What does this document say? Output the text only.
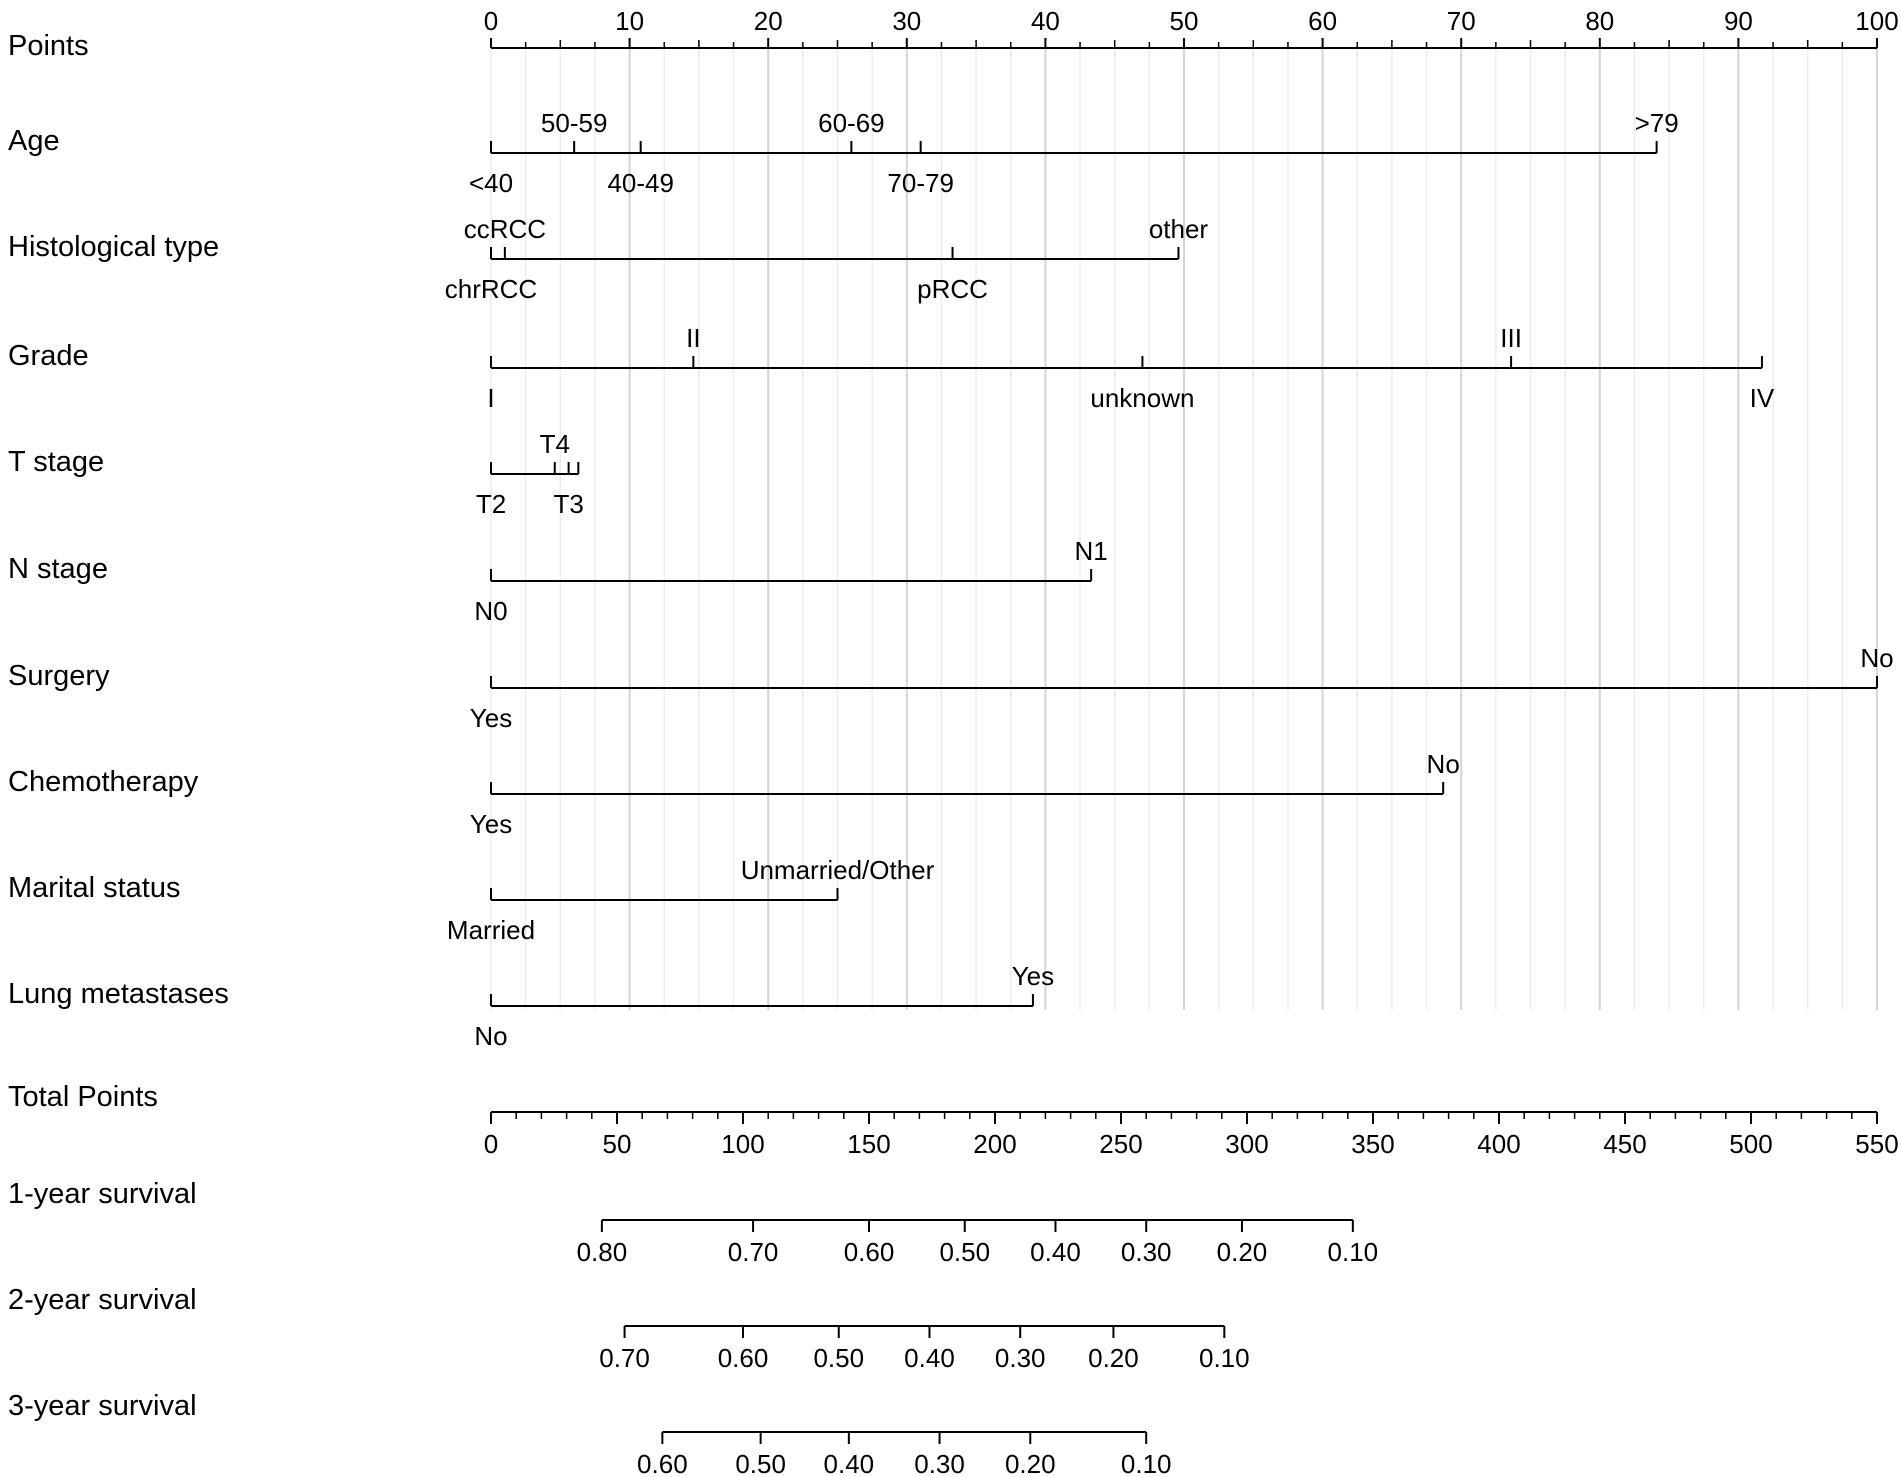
Points
0	10	20	30	40	50	60	70	80	90	100
Age
<40
50-59
40-49
60-69
70-79
>79
Histological type
chrRCC
ccRCC
pRCC
other
Grade
I
II
unknown
III
IV
T stage
T2
T4
T3
N stage
N0
N1
Surgery
Yes
No
Chemotherapy
Yes
No
Marital status
Married
Unmarried/Other
Lung metastases
No
Yes
Total Points
0	50	100	150	200	250	300	350	400	450	500	550
1-year survival
0.80	0.70	0.60 0.50 0.40 0.30 0.20 0.10
2-year survival
0.70	0.60 0.50 0.40 0.30 0.20 0.10
3-year survival
0.60 0.50 0.40 0.30 0.20	0.10
